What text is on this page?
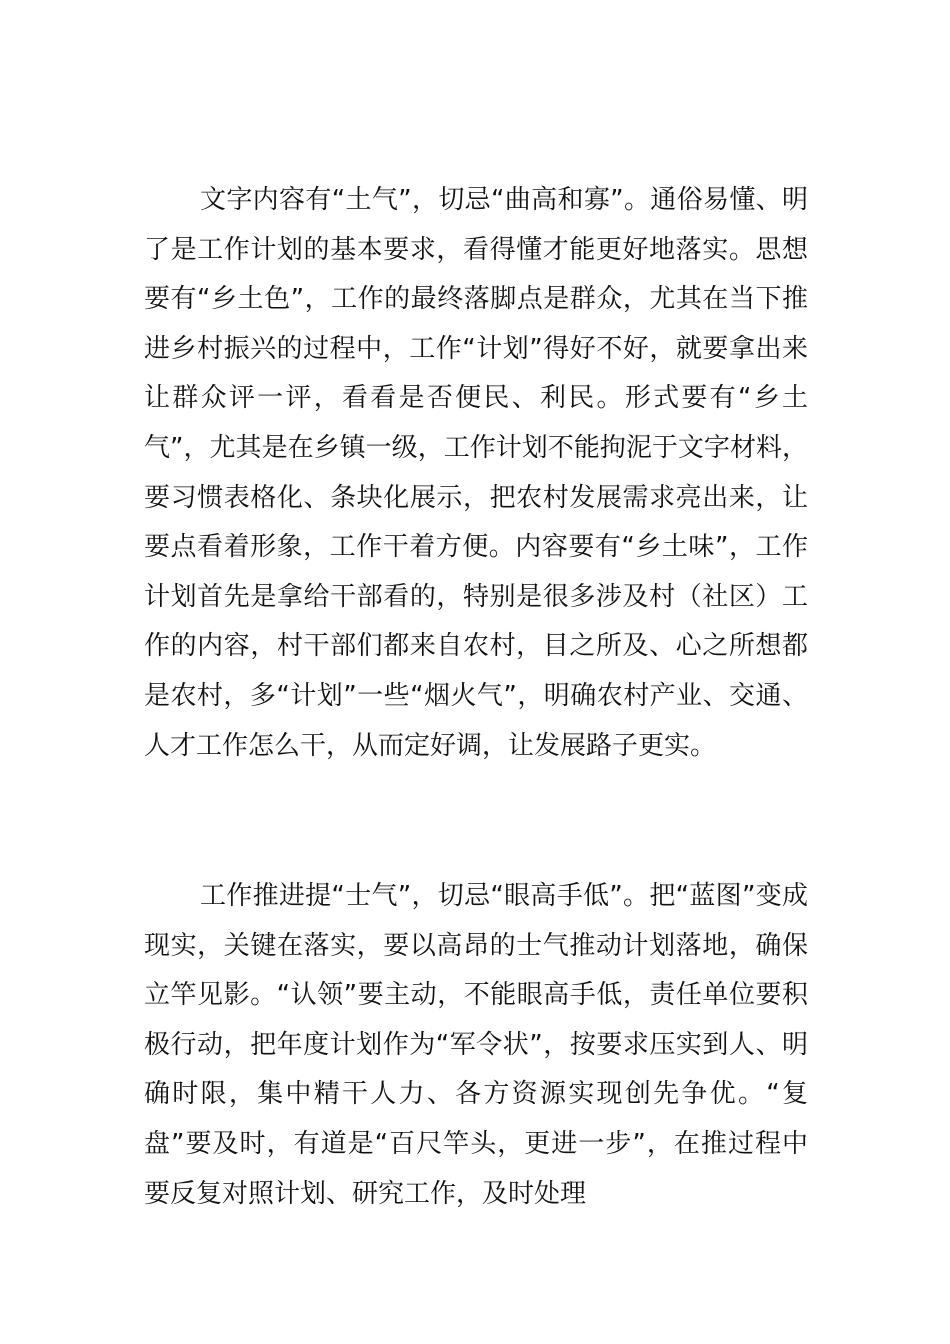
文字内容有“土气”，切忌“曲高和寡”。通俗易懂、明了是工作计划的基本要求，看得懂才能更好地落实。思想要有“乡土色”，工作的最终落脚点是群众，尤其在当下推进乡村振兴的过程中，工作“计划”得好不好，就要拿出来让群众评一评，看看是否便民、利民。形式要有“乡土气”，尤其是在乡镇一级，工作计划不能拘泥于文字材料，要习惯表格化、条块化展示，把农村发展需求亮出来，让要点看着形象，工作干着方便。内容要有“乡土味”，工作计划首先是拿给干部看的，特别是很多涉及村（社区）工作的内容，村干部们都来自农村，目之所及、心之所想都是农村，多“计划”一些“烟火气”，明确农村产业、交通、人才工作怎么干，从而定好调，让发展路子更实。

工作推进提“士气”，切忌“眼高手低”。把“蓝图”变成现实，关键在落实，要以高昂的士气推动计划落地，确保立竿见影。“认领”要主动，不能眼高手低，责任单位要积极行动，把年度计划作为“军令状”，按要求压实到人、明确时限，集中精干人力、各方资源实现创先争优。“复盘”要及时，有道是“百尺竿头，更进一步”，在推过程中要反复对照计划、研究工作，及时处理
